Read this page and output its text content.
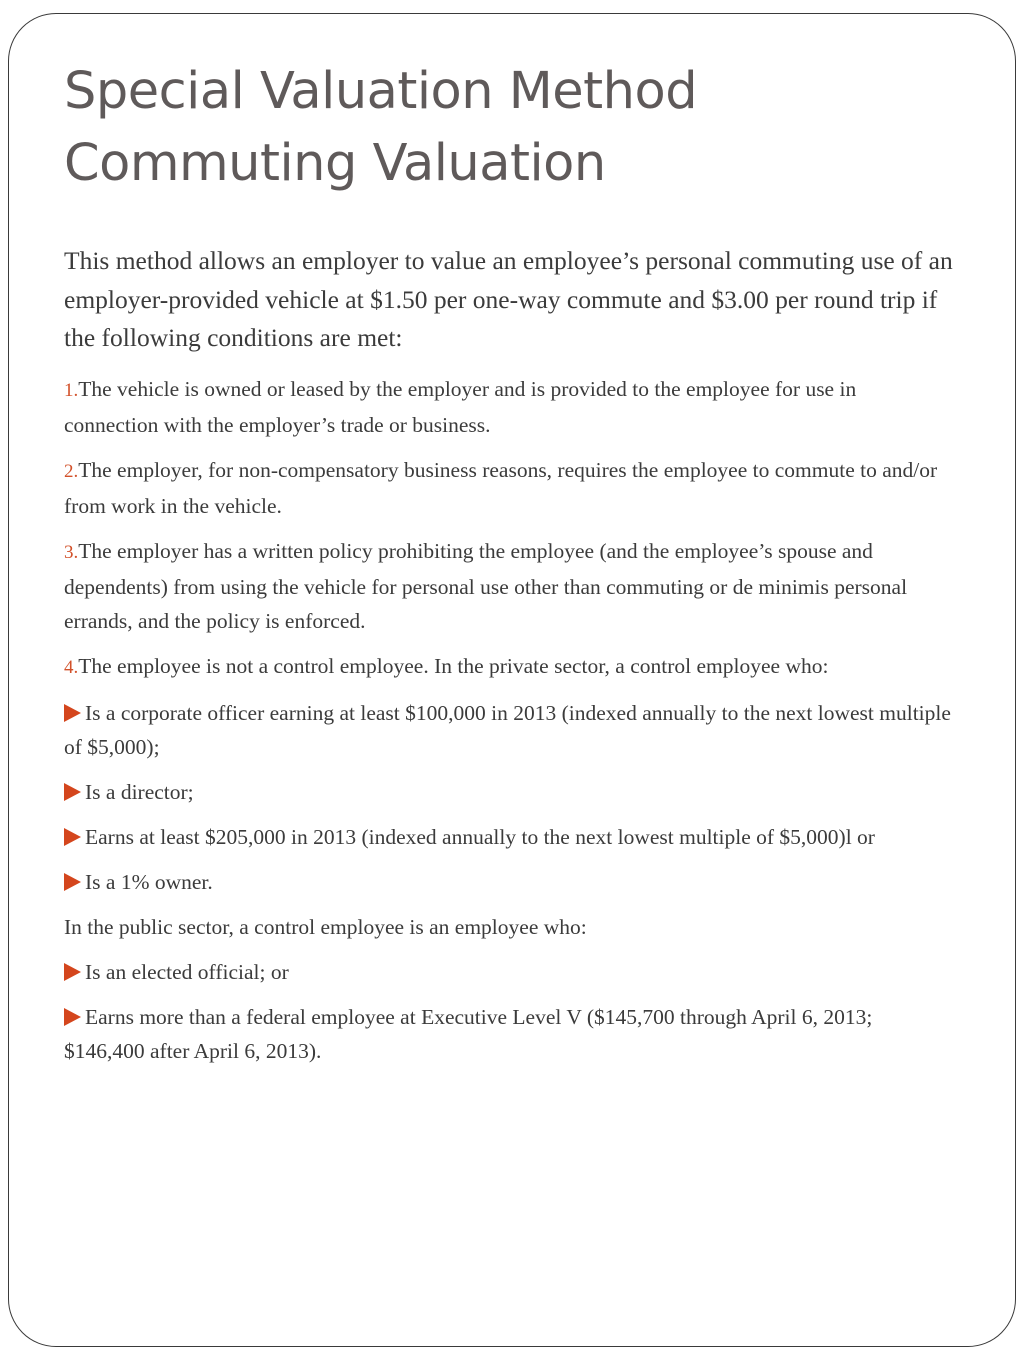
Special Valuation Method
Commuting Valuation

This method allows an employer to value an employee’s personal commuting use of an employer-provided vehicle at $1.50 per one-way commute and $3.00 per round trip if the following conditions are met:

1.The vehicle is owned or leased by the employer and is provided to the employee for use in connection with the employer’s trade or business.

2.The employer, for non-compensatory business reasons, requires the employee to commute to and/or from work in the vehicle.

3.The employer has a written policy prohibiting the employee (and the employee’s spouse and dependents) from using the vehicle for personal use other than commuting or de minimis personal errands, and the policy is enforced.

4.The employee is not a control employee. In the private sector, a control employee who:

Is a corporate officer earning at least $100,000 in 2013 (indexed annually to the next lowest multiple of $5,000);

Is a director;

Earns at least $205,000 in 2013 (indexed annually to the next lowest multiple of $5,000)l or

Is a 1% owner.

In the public sector, a control employee is an employee who:

Is an elected official; or

Earns more than a federal employee at Executive Level V ($145,700 through April 6, 2013; $146,400 after April 6, 2013).
